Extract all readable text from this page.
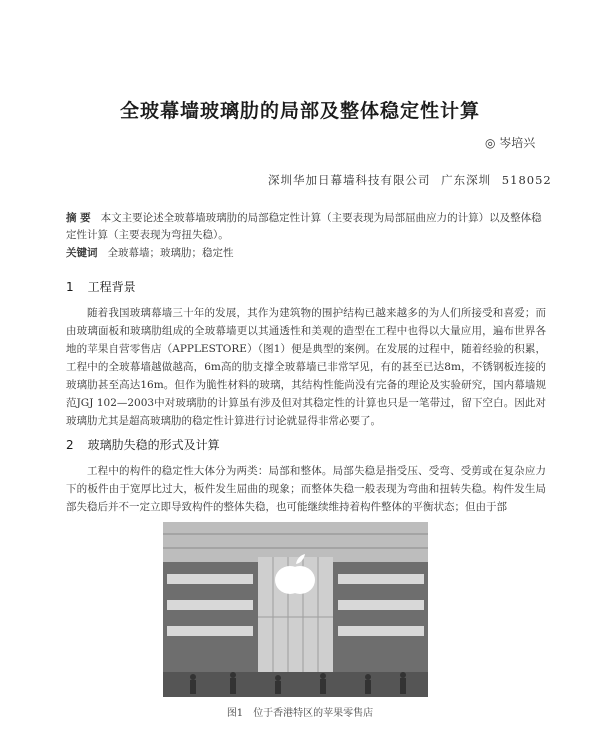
全玻幕墙玻璃肋的局部及整体稳定性计算
◎ 岑培兴
深圳华加日幕墙科技有限公司 广东深圳 518052
摘 要 本文主要论述全玻幕墙玻璃肋的局部稳定性计算（主要表现为局部屈曲应力的计算）以及整体稳定性计算（主要表现为弯扭失稳）。
关键词 全玻幕墙；玻璃肋；稳定性
1 工程背景
随着我国玻璃幕墙三十年的发展，其作为建筑物的围护结构已越来越多的为人们所接受和喜爱；而由玻璃面板和玻璃肋组成的全玻幕墙更以其通透性和美观的造型在工程中也得以大量应用，遍布世界各地的苹果自营零售店（APPLESTORE）（图1）便是典型的案例。在发展的过程中，随着经验的积累，工程中的全玻幕墙越做越高，6m高的肋支撑全玻幕墙已非常罕见，有的甚至已达8m，不锈钢板连接的玻璃肋甚至高达16m。但作为脆性材料的玻璃，其结构性能尚没有完备的理论及实验研究，国内幕墙规范JGJ 102—2003中对玻璃肋的计算虽有涉及但对其稳定性的计算也只是一笔带过，留下空白。因此对玻璃肋尤其是超高玻璃肋的稳定性计算进行讨论就显得非常必要了。
2 玻璃肋失稳的形式及计算
工程中的构件的稳定性大体分为两类：局部和整体。局部失稳是指受压、受弯、受剪或在复杂应力下的板件由于宽厚比过大，板件发生屈曲的现象；而整体失稳一般表现为弯曲和扭转失稳。构件发生局部失稳后并不一定立即导致构件的整体失稳，也可能继续维持着构件整体的平衡状态；但由于部
图1 位于香港特区的苹果零售店
